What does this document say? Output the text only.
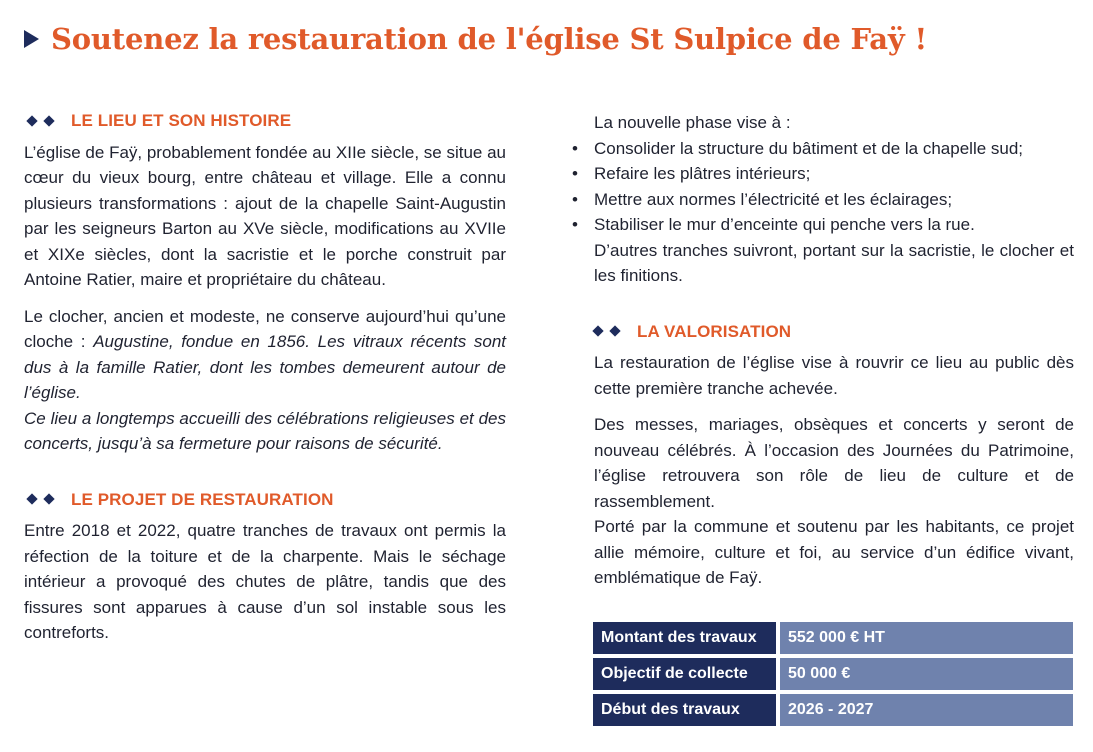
Soutenez la restauration de l'église St Sulpice de Faÿ !
LE LIEU ET SON HISTOIRE

L’église de Faÿ, probablement fondée au XIIe siècle, se situe au cœur du vieux bourg, entre château et village. Elle a connu plusieurs transformations : ajout de la chapelle Saint-Augustin par les seigneurs Barton au XVe siècle, modifications au XVIIe et XIXe siècles, dont la sacristie et le porche construit par Antoine Ratier, maire et propriétaire du château.

Le clocher, ancien et modeste, ne conserve aujourd’hui qu’une cloche : Augustine, fondue en 1856. Les vitraux récents sont dus à la famille Ratier, dont les tombes demeurent autour de l’église.

Ce lieu a longtemps accueilli des célébrations religieuses et des concerts, jusqu’à sa fermeture pour raisons de sécurité.

LE PROJET DE RESTAURATION

Entre 2018 et 2022, quatre tranches de travaux ont permis la réfection de la toiture et de la charpente. Mais le séchage intérieur a provoqué des chutes de plâtre, tandis que des fissures sont apparues à cause d’un sol instable sous les contreforts.

La nouvelle phase vise à :

• Consolider la structure du bâtiment et de la chapelle sud;
• Refaire les plâtres intérieurs;
• Mettre aux normes l’électricité et les éclairages;
• Stabiliser le mur d’enceinte qui penche vers la rue.

D’autres tranches suivront, portant sur la sacristie, le clocher et les finitions.

LA VALORISATION

La restauration de l’église vise à rouvrir ce lieu au public dès cette première tranche achevée.

Des messes, mariages, obsèques et concerts y seront de nouveau célébrés. À l’occasion des Journées du Patrimoine, l’église retrouvera son rôle de lieu de culture et de rassemblement.

Porté par la commune et soutenu par les habitants, ce projet allie mémoire, culture et foi, au service d’un édifice vivant, emblématique de Faÿ.

Montant des travaux	552 000 € HT
Objectif de collecte	50 000 €
Début des travaux	2026 - 2027
